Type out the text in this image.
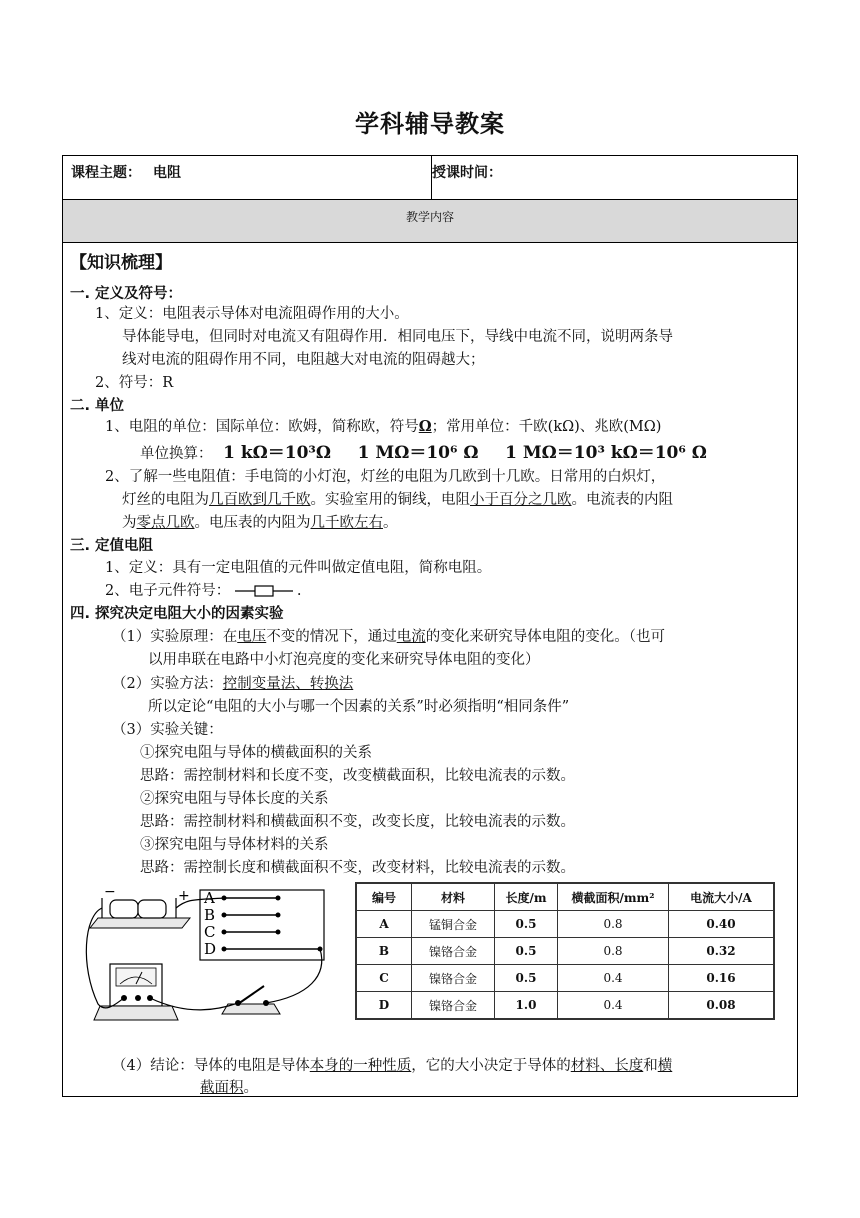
学科辅导教案
课程主题： 电阻	授课时间：
教学内容
【知识梳理】
一. 定义及符号：
1、定义：电阻表示导体对电流阻碍作用的大小。
导体能导电，但同时对电流又有阻碍作用．相同电压下，导线中电流不同，说明两条导
线对电流的阻碍作用不同，电阻越大对电流的阻碍越大；
2、符号：R
二. 单位
1、电阻的单位：国际单位：欧姆，简称欧，符号Ω；常用单位：千欧(kΩ)、兆欧(MΩ)
单位换算： 1 kΩ＝10³Ω 1 MΩ＝10⁶ Ω 1 MΩ＝10³ kΩ＝10⁶ Ω
2、了解一些电阻值：手电筒的小灯泡，灯丝的电阻为几欧到十几欧。日常用的白炽灯，
灯丝的电阻为几百欧到几千欧。实验室用的铜线，电阻小于百分之几欧。电流表的内阻
为零点几欧。电压表的内阻为几千欧左右。
三. 定值电阻
1、定义：具有一定电阻值的元件叫做定值电阻，简称电阻。
2、电子元件符号：	.
四. 探究决定电阻大小的因素实验
（1）实验原理：在电压不变的情况下，通过电流的变化来研究导体电阻的变化。（也可
以用串联在电路中小灯泡亮度的变化来研究导体电阻的变化）
（2）实验方法：控制变量法、转换法
所以定论“电阻的大小与哪一个因素的关系”时必须指明“相同条件”
（3）实验关键：
①探究电阻与导体的横截面积的关系
思路：需控制材料和长度不变，改变横截面积，比较电流表的示数。
②探究电阻与导体长度的关系
思路：需控制材料和横截面积不变，改变长度，比较电流表的示数。
③探究电阻与导体材料的关系
思路：需控制长度和横截面积不变，改变材料，比较电流表的示数。
−	+ A
B
C
D
编号	材料	长度/m	横截面积/mm²	电流大小/A
A	锰铜合金	0.5	0.8	0.40
B	镍铬合金	0.5	0.8	0.32
C	镍铬合金	0.5	0.4	0.16
D	镍铬合金	1.0	0.4	0.08
（4）结论：导体的电阻是导体本身的一种性质，它的大小决定于导体的材料、长度和横
截面积。
